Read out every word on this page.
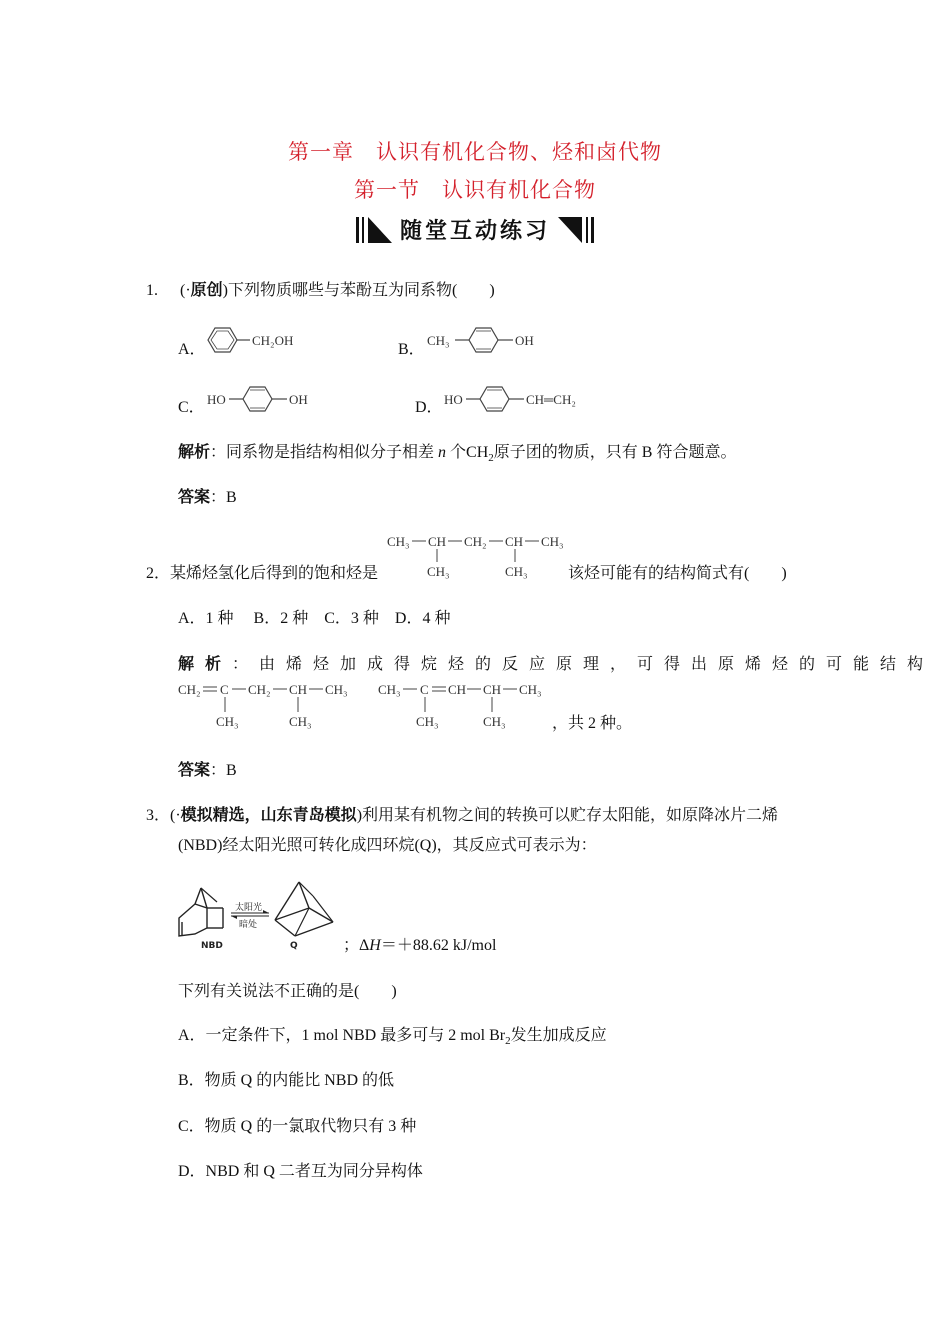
第一章　认识有机化合物、烃和卤代物
第一节　认识有机化合物
随堂互动练习
1. (·原创)下列物质哪些与苯酚互为同系物(　　)
A．
CH₂OH
B．
CH₃	OH
C． HO	OH	D． HO	CH═CH₂
解析：同系物是指结构相似分子相差 n 个$CH_2$原子团的物质，只有 B 符合题意。
答案：B
2．某烯烃氢化后得到的饱和烃是
CH₃ CH CH₂ CH CH₃
CH₃	CH₃	该烃可能有的结构简式有(　　)
A．1 种　 B．2 种　C．3 种　D．4 种
解析：由烯烃加成得烷烃的反应原理，可得出原烯烃的可能结构
CH₂ C CH₂ CH CH₃
CH₃	CH₃
CH₃ C CH CH CH₃
CH₃	CH₃	，共 2 种。
答案：B
3．(·模拟精选，山东青岛模拟)利用某有机物之间的转换可以贮存太阳能，如原降冰片二烯
(NBD)经太阳光照可转化成四环烷(Q)，其反应式可表示为：
NBD
太阳光
暗处
Q	；ΔH＝＋88.62 kJ/mol
下列有关说法不正确的是(　　)
A．一定条件下，1 mol NBD 最多可与 2 mol $Br_2$发生加成反应
B．物质 Q 的内能比 NBD 的低
C．物质 Q 的一氯取代物只有 3 种
D．NBD 和 Q 二者互为同分异构体
